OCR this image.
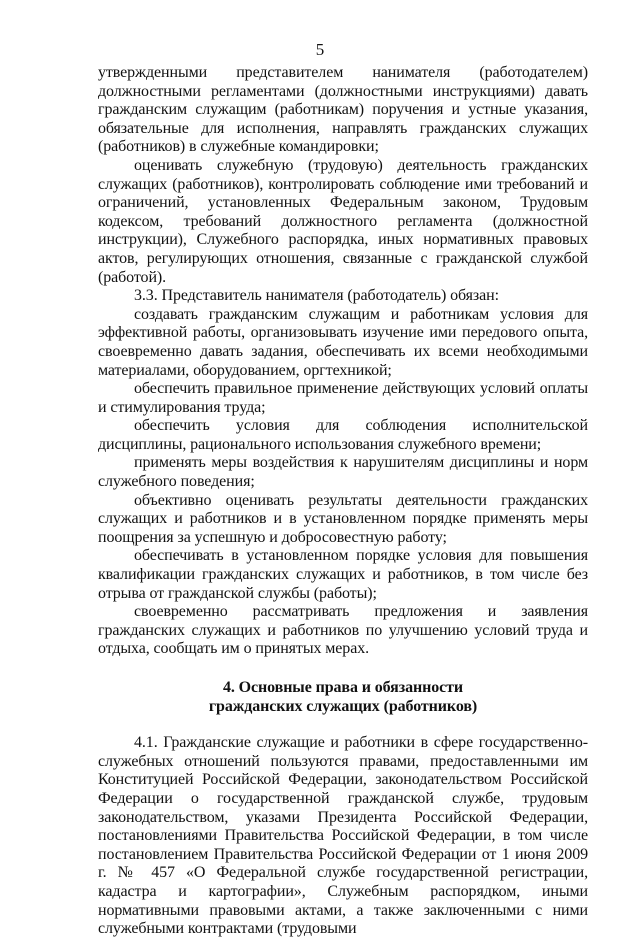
5

утвержденными представителем нанимателя (работодателем) должностными регламентами (должностными инструкциями) давать гражданским служащим (работникам) поручения и устные указания, обязательные для исполнения, направлять гражданских служащих (работников) в служебные командировки;

оценивать служебную (трудовую) деятельность гражданских служащих (работников), контролировать соблюдение ими требований и ограничений, установленных Федеральным законом, Трудовым кодексом, требований должностного регламента (должностной инструкции), Служебного распорядка, иных нормативных правовых актов, регулирующих отношения, связанные с гражданской службой (работой).

3.3. Представитель нанимателя (работодатель) обязан:

создавать гражданским служащим и работникам условия для эффективной работы, организовывать изучение ими передового опыта, своевременно давать задания, обеспечивать их всеми необходимыми материалами, оборудованием, оргтехникой;

обеспечить правильное применение действующих условий оплаты и стимулирования труда;

обеспечить условия для соблюдения исполнительской дисциплины, рационального использования служебного времени;

применять меры воздействия к нарушителям дисциплины и норм служебного поведения;

объективно оценивать результаты деятельности гражданских служащих и работников и в установленном порядке применять меры поощрения за успешную и добросовестную работу;

обеспечивать в установленном порядке условия для повышения квалификации гражданских служащих и работников, в том числе без отрыва от гражданской службы (работы);

своевременно рассматривать предложения и заявления гражданских служащих и работников по улучшению условий труда и отдыха, сообщать им о принятых мерах.

4. Основные права и обязанности
гражданских служащих (работников)

4.1. Гражданские служащие и работники в сфере государственно-служебных отношений пользуются правами, предоставленными им Конституцией Российской Федерации, законодательством Российской Федерации о государственной гражданской службе, трудовым законодательством, указами Президента Российской Федерации, постановлениями Правительства Российской Федерации, в том числе постановлением Правительства Российской Федерации от 1 июня 2009 г. № 457 «О Федеральной службе государственной регистрации, кадастра и картографии», Служебным распорядком, иными нормативными правовыми актами, а также заключенными с ними служебными контрактами (трудовыми
